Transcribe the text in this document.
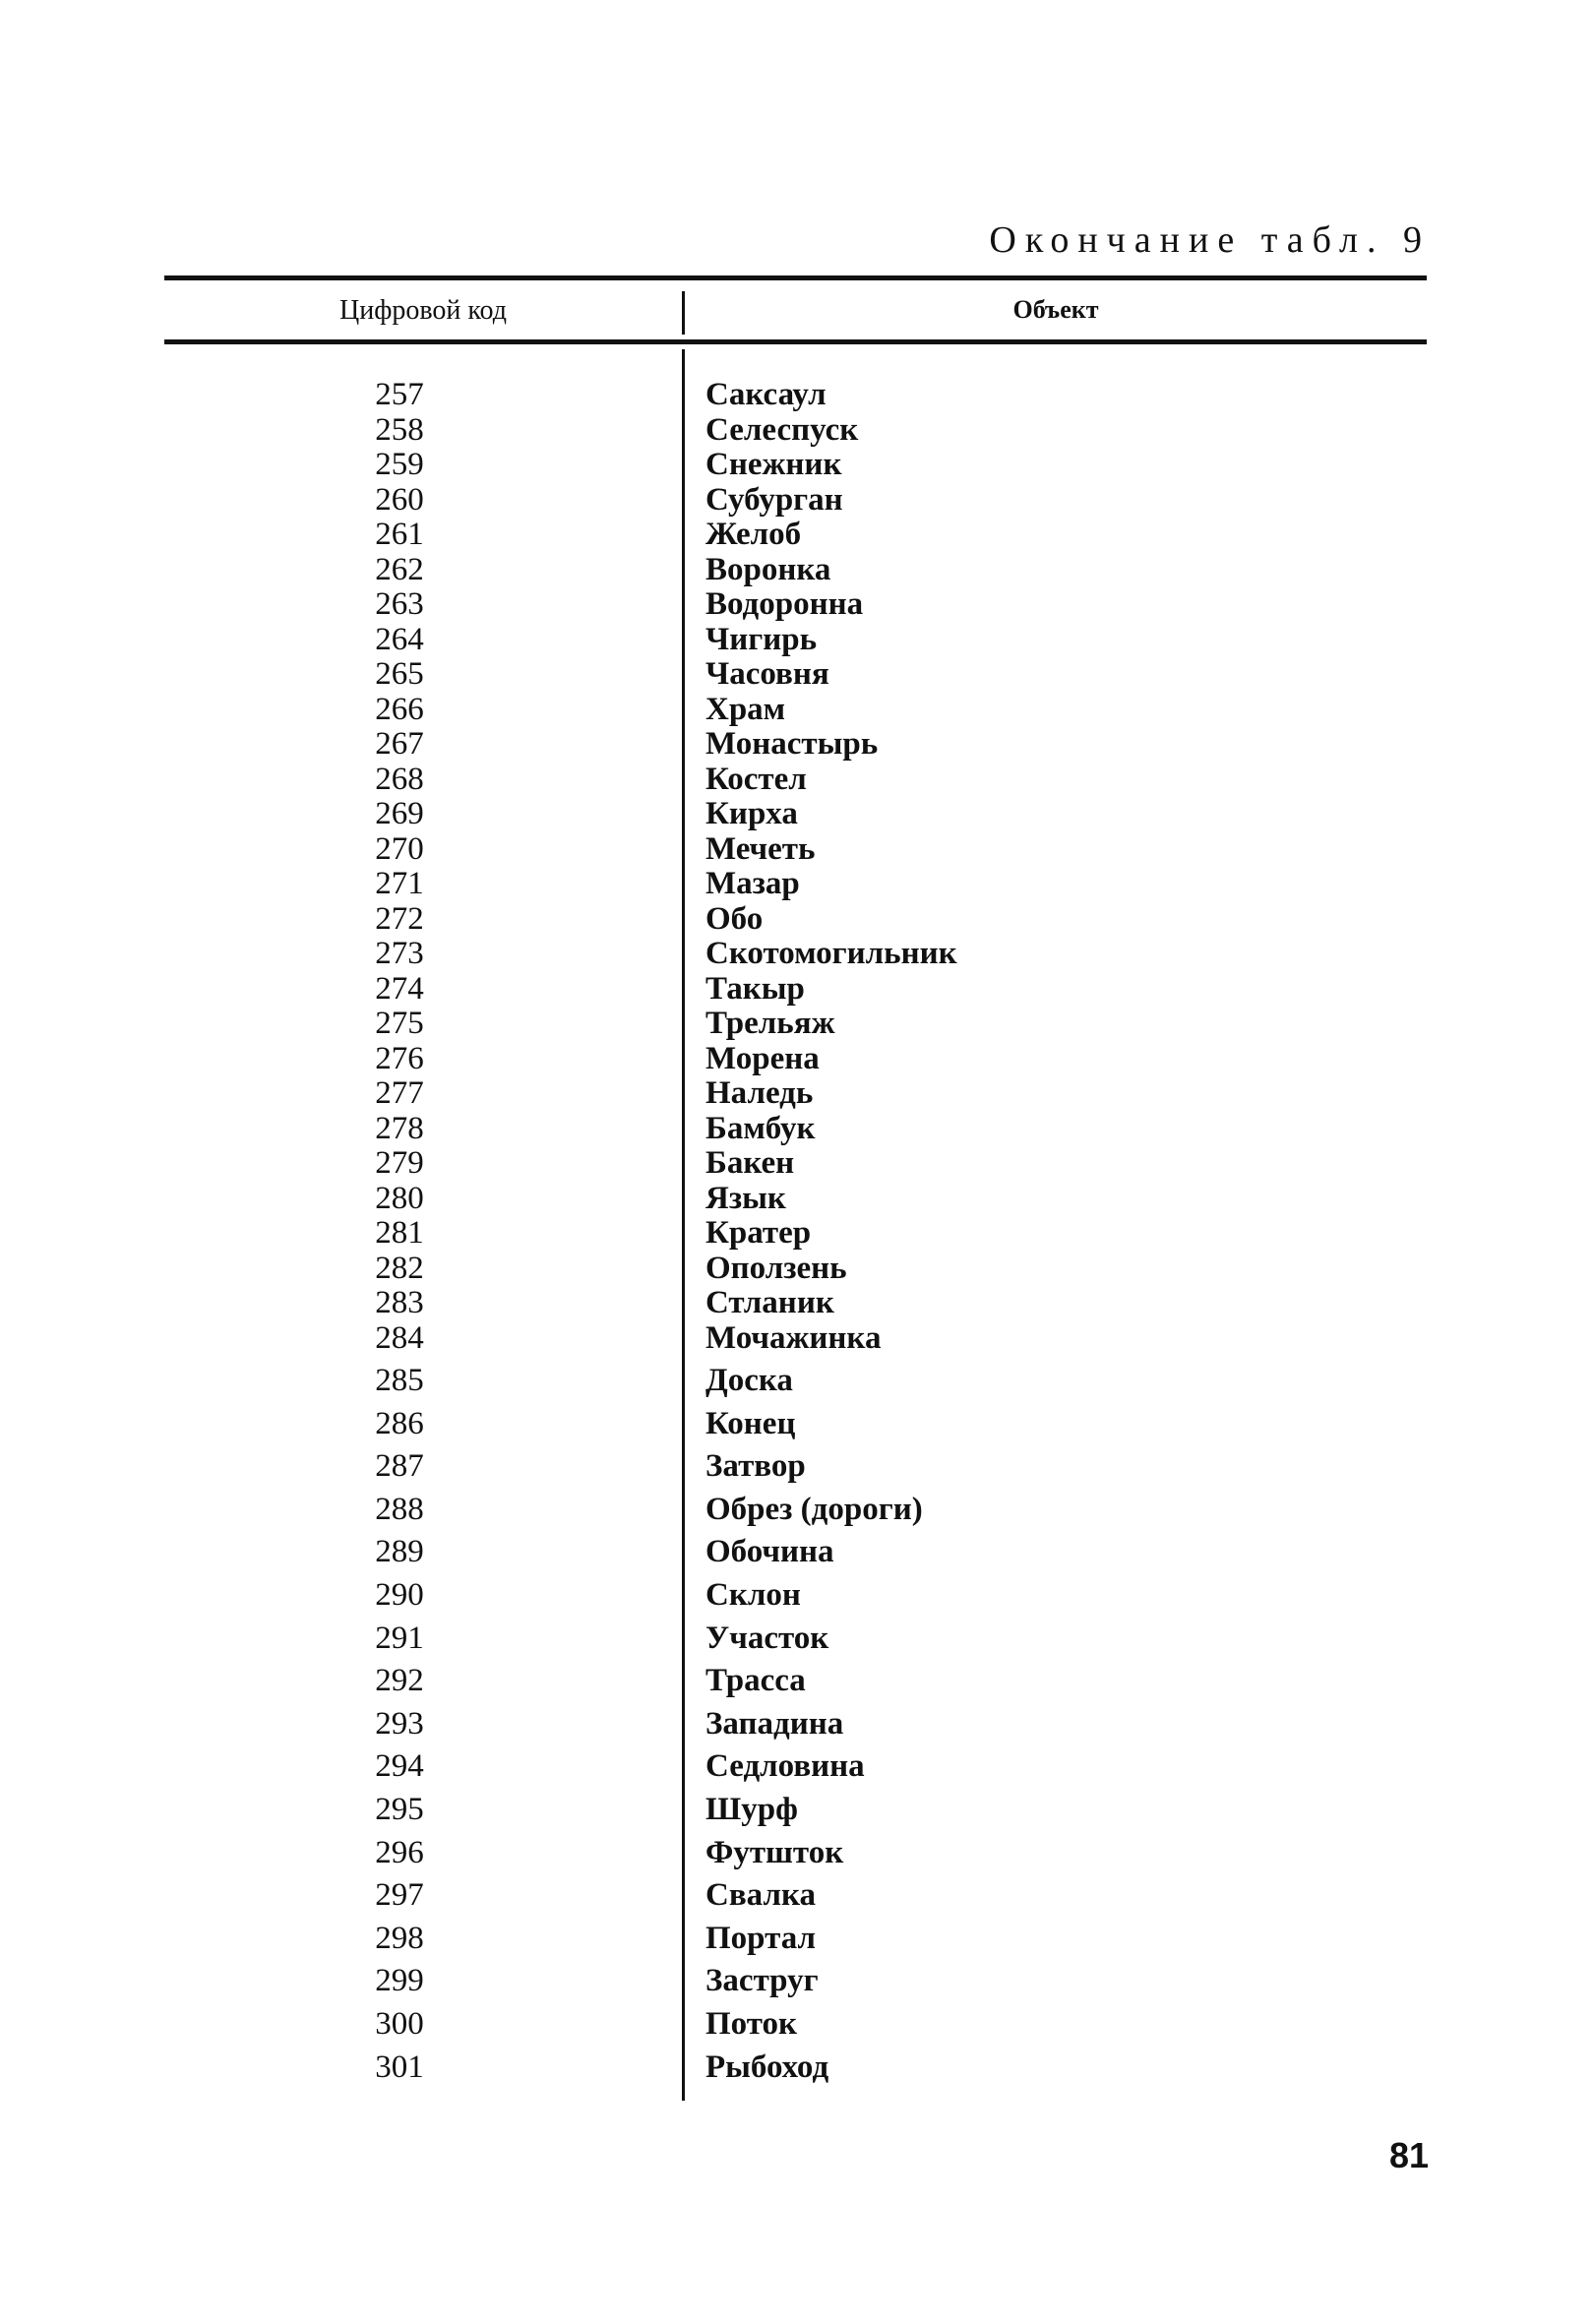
Окончание табл. 9
Цифровой код	Объект
257	Саксаул
258	Селеспуск
259	Снежник
260	Субурган
261	Желоб
262	Воронка
263	Водоронна
264	Чигирь
265	Часовня
266	Храм
267	Монастырь
268	Костел
269	Кирха
270	Мечеть
271	Мазар
272	Обо
273	Скотомогильник
274	Такыр
275	Трельяж
276	Морена
277	Наледь
278	Бамбук
279	Бакен
280	Язык
281	Кратер
282	Оползень
283	Стланик
284	Мочажинка
285	Доска
286	Конец
287	Затвор
288	Обрез (дороги)
289	Обочина
290	Склон
291	Участок
292	Трасса
293	Западина
294	Седловина
295	Шурф
296	Футшток
297	Свалка
298	Портал
299	Заструг
300	Поток
301	Рыбоход
81
